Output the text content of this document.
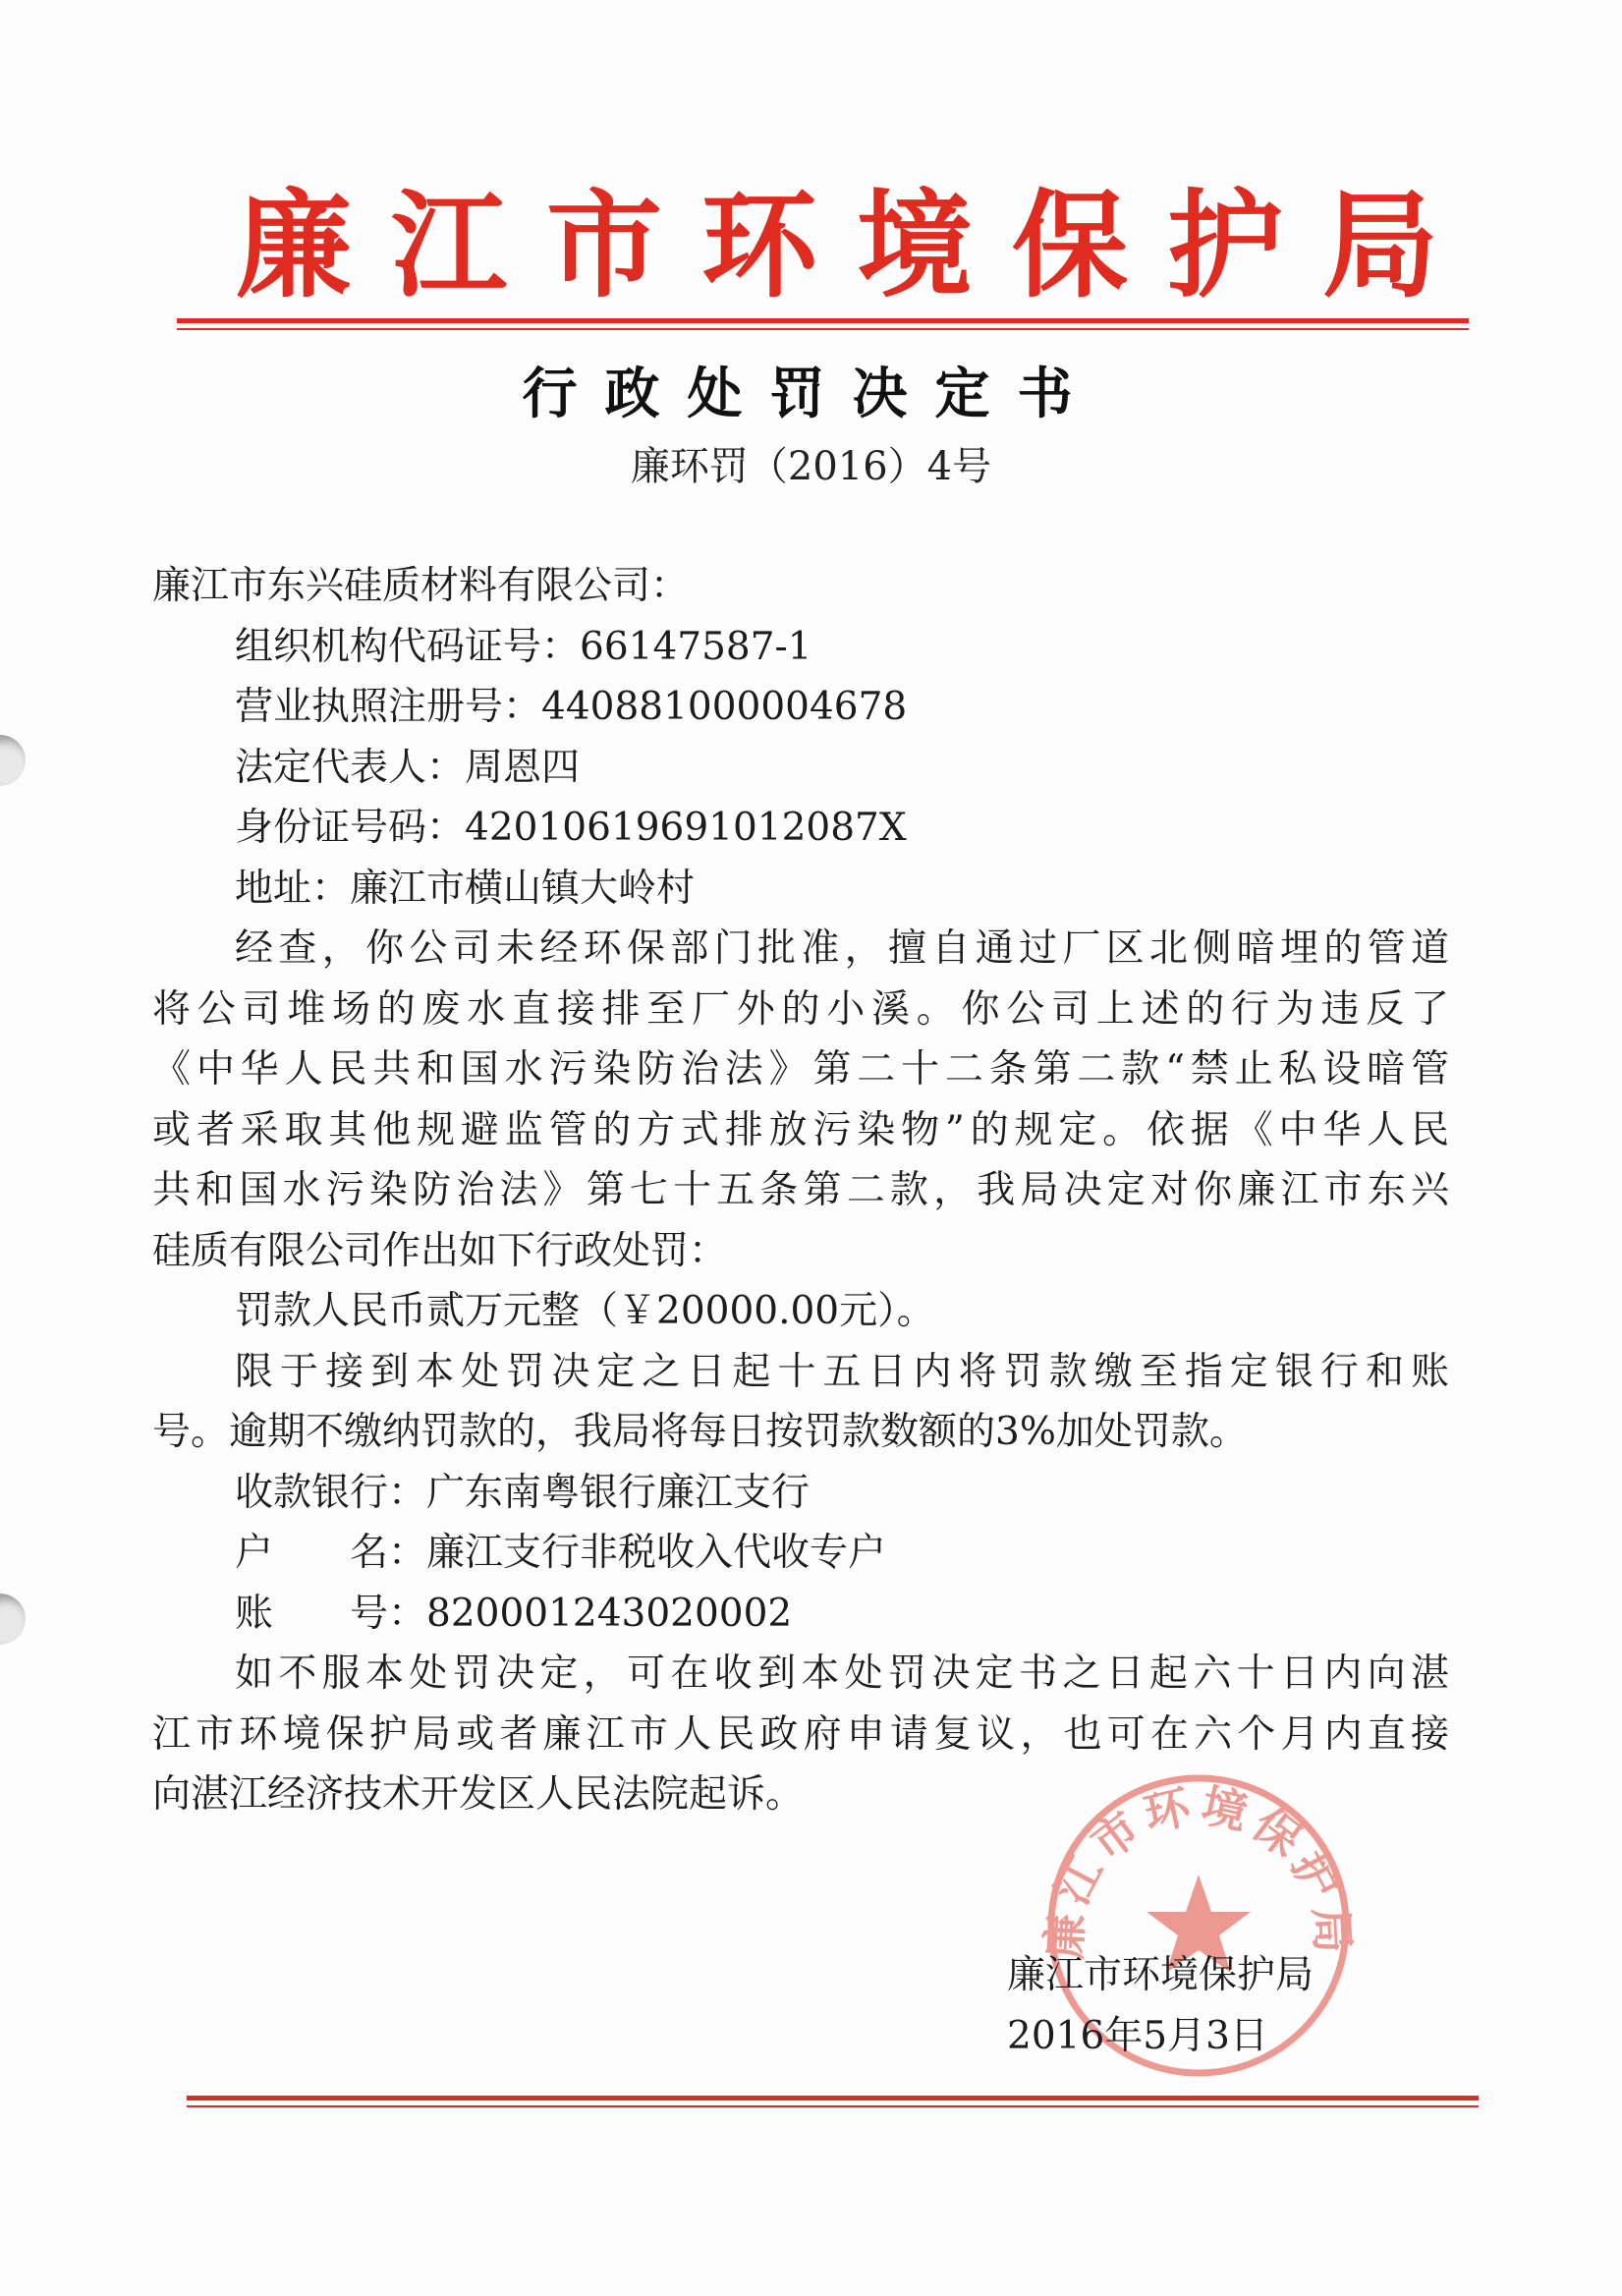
廉江市环境保护局
行政处罚决定书
廉环罚（2016）4号
廉江市东兴硅质材料有限公司：
组织机构代码证号：66147587-1
营业执照注册号：440881000004678
法定代表人：周恩四
身份证号码：42010619691012087X
地址：廉江市横山镇大岭村
经查，你公司未经环保部门批准，擅自通过厂区北侧暗埋的管道
将公司堆场的废水直接排至厂外的小溪。你公司上述的行为违反了
《中华人民共和国水污染防治法》第二十二条第二款“禁止私设暗管
或者采取其他规避监管的方式排放污染物”的规定。依据《中华人民
共和国水污染防治法》第七十五条第二款，我局决定对你廉江市东兴
硅质有限公司作出如下行政处罚：
罚款人民币贰万元整（￥20000.00元）。
限于接到本处罚决定之日起十五日内将罚款缴至指定银行和账
号。逾期不缴纳罚款的，我局将每日按罚款数额的3%加处罚款。
收款银行：广东南粤银行廉江支行
户　　名：廉江支行非税收入代收专户
账　　号：820001243020002
如不服本处罚决定，可在收到本处罚决定书之日起六十日内向湛
江市环境保护局或者廉江市人民政府申请复议，也可在六个月内直接
向湛江经济技术开发区人民法院起诉。
廉江市环境保护局
廉江市环境保护局
2016年5月3日
